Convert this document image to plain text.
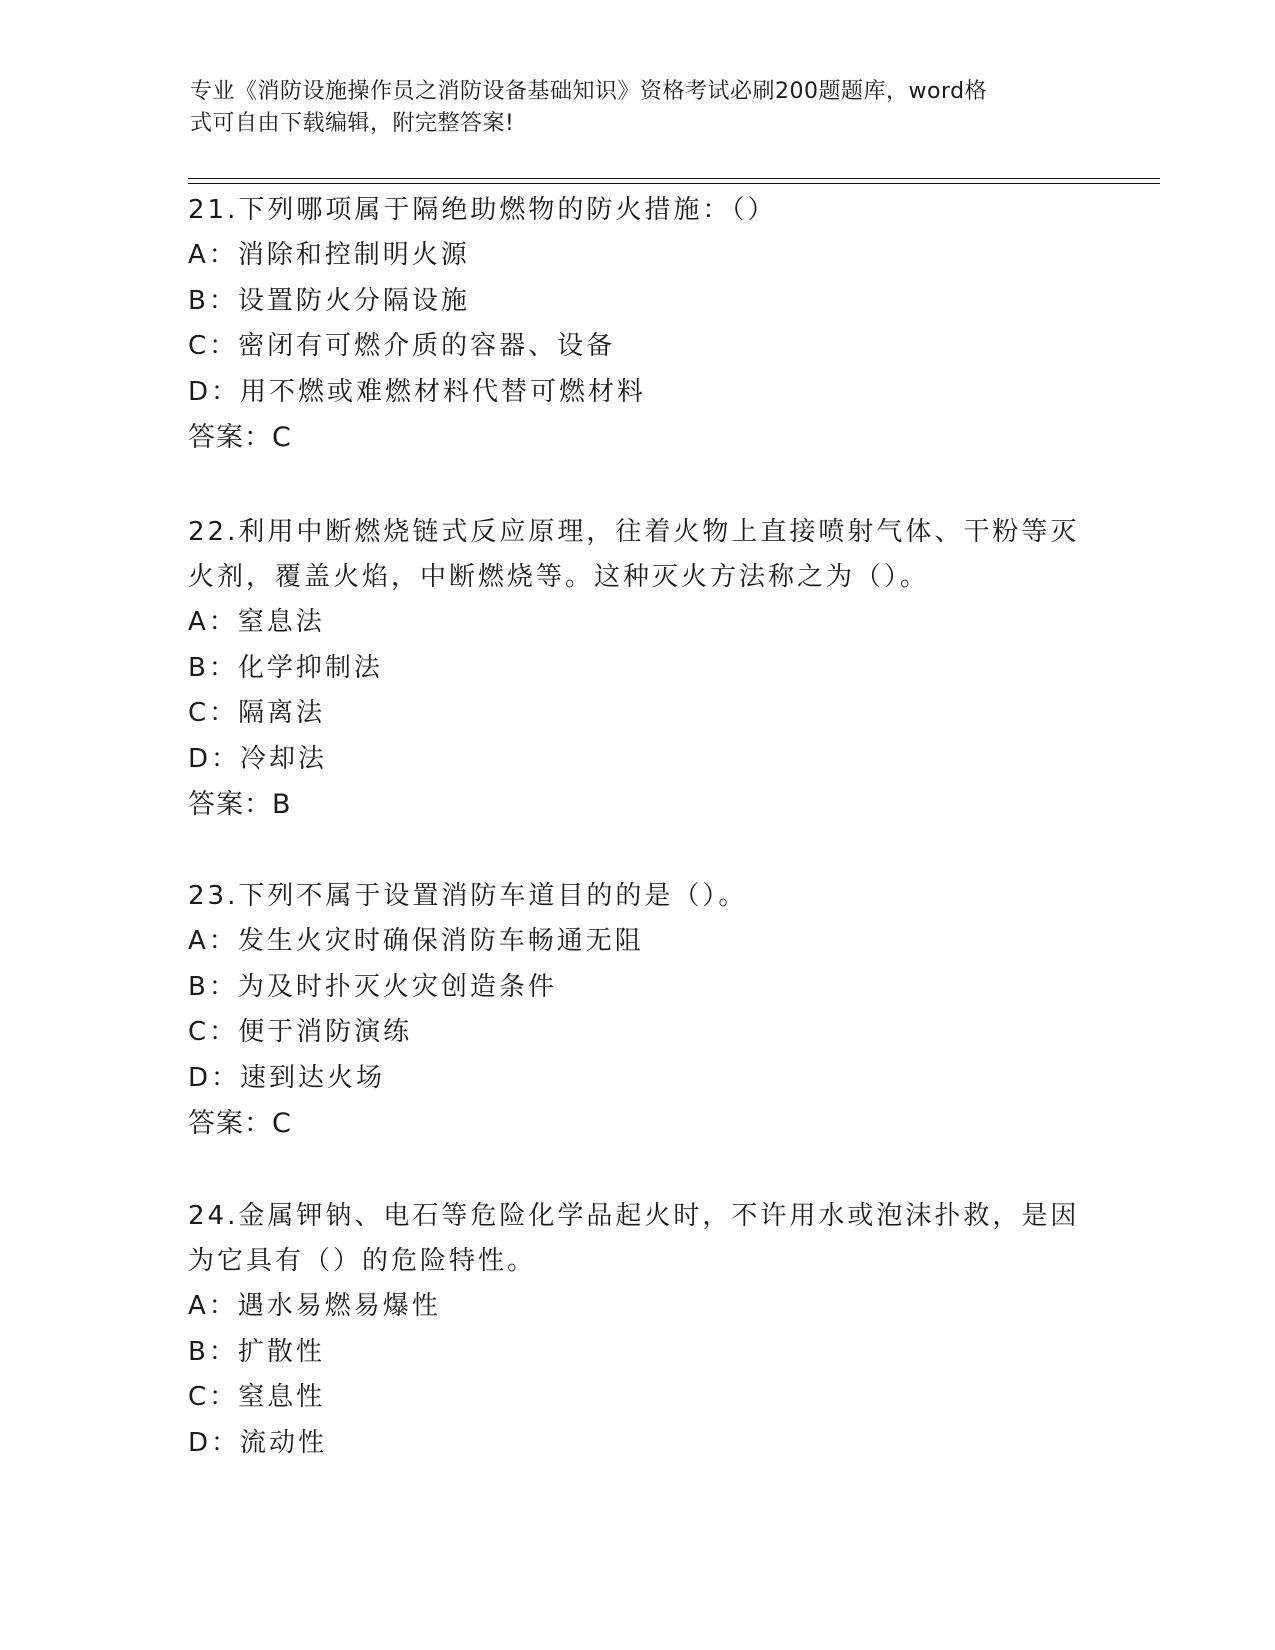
专业《消防设施操作员之消防设备基础知识》资格考试必刷200题题库，word格
式可自由下载编辑，附完整答案!

21.下列哪项属于隔绝助燃物的防火措施：（）

A：消除和控制明火源

B：设置防火分隔设施

C：密闭有可燃介质的容器、设备

D：用不燃或难燃材料代替可燃材料

答案：C

22.利用中断燃烧链式反应原理，往着火物上直接喷射气体、干粉等灭

火剂，覆盖火焰，中断燃烧等。这种灭火方法称之为（）。

A：窒息法

B：化学抑制法

C：隔离法

D：冷却法

答案：B

23.下列不属于设置消防车道目的的是（）。

A：发生火灾时确保消防车畅通无阻

B：为及时扑灭火灾创造条件

C：便于消防演练

D：速到达火场

答案：C

24.金属钾钠、电石等危险化学品起火时，不许用水或泡沫扑救，是因

为它具有（）的危险特性。

A：遇水易燃易爆性

B：扩散性

C：窒息性

D：流动性
